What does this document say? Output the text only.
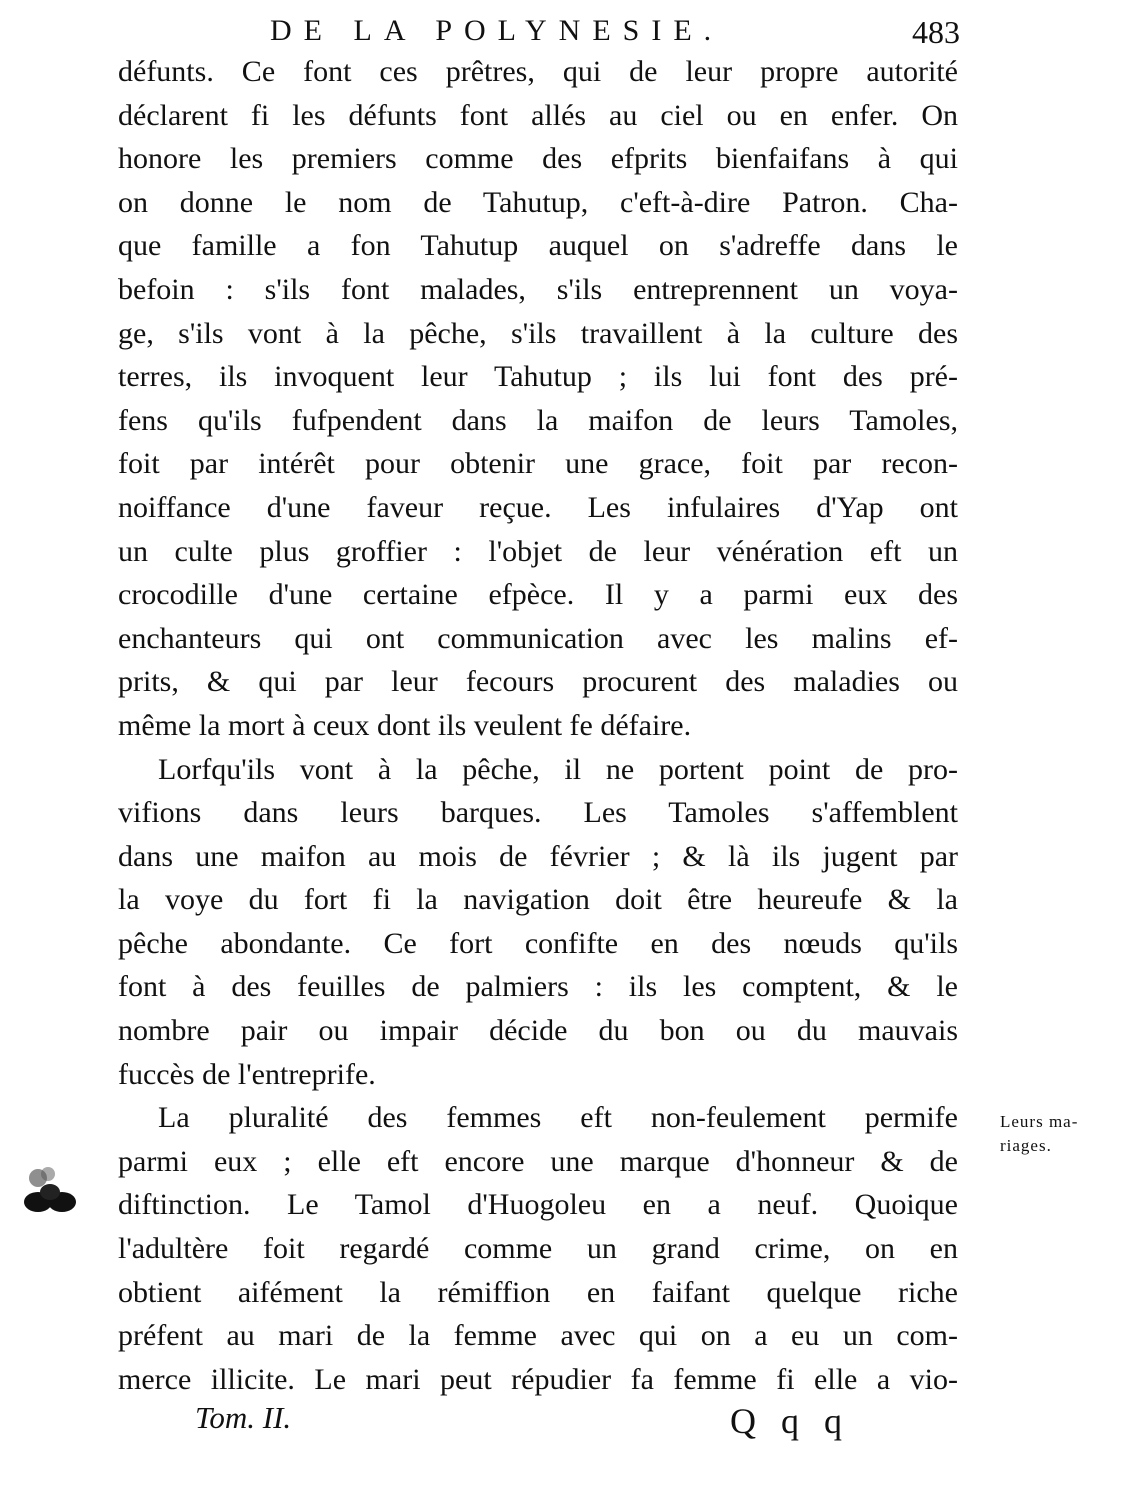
DE LA POLYNESIE.	483

défunts. Ce font ces prêtres, qui de leur propre autorité
déclarent fi les défunts font allés au ciel ou en enfer. On
honore les premiers comme des efprits bienfaifans à qui
on donne le nom de Tahutup, c'eft-à-dire Patron. Cha-
que famille a fon Tahutup auquel on s'adreffe dans le
befoin : s'ils font malades, s'ils entreprennent un voya-
ge, s'ils vont à la pêche, s'ils travaillent à la culture des
terres, ils invoquent leur Tahutup ; ils lui font des pré-
fens qu'ils fufpendent dans la maifon de leurs Tamoles,
foit par intérêt pour obtenir une grace, foit par recon-
noiffance d'une faveur reçue. Les infulaires d'Yap ont
un culte plus groffier : l'objet de leur vénération eft un
crocodille d'une certaine efpèce. Il y a parmi eux des
enchanteurs qui ont communication avec les malins ef-
prits, & qui par leur fecours procurent des maladies ou
même la mort à ceux dont ils veulent fe défaire.

Lorfqu'ils vont à la pêche, il ne portent point de pro-
vifions dans leurs barques. Les Tamoles s'affemblent
dans une maifon au mois de février ; & là ils jugent par
la voye du fort fi la navigation doit être heureufe & la
pêche abondante. Ce fort confifte en des nœuds qu'ils
font à des feuilles de palmiers : ils les comptent, & le
nombre pair ou impair décide du bon ou du mauvais
fuccès de l'entreprife.

La pluralité des femmes eft non-feulement permife
parmi eux ; elle eft encore une marque d'honneur & de
diftinction. Le Tamol d'Huogoleu en a neuf. Quoique
l'adultère foit regardé comme un grand crime, on en
obtient aifément la rémiffion en faifant quelque riche
préfent au mari de la femme avec qui on a eu un com-
merce illicite. Le mari peut répudier fa femme fi elle a vio-

Leurs ma-
riages.
Tom. II.	Q q q
